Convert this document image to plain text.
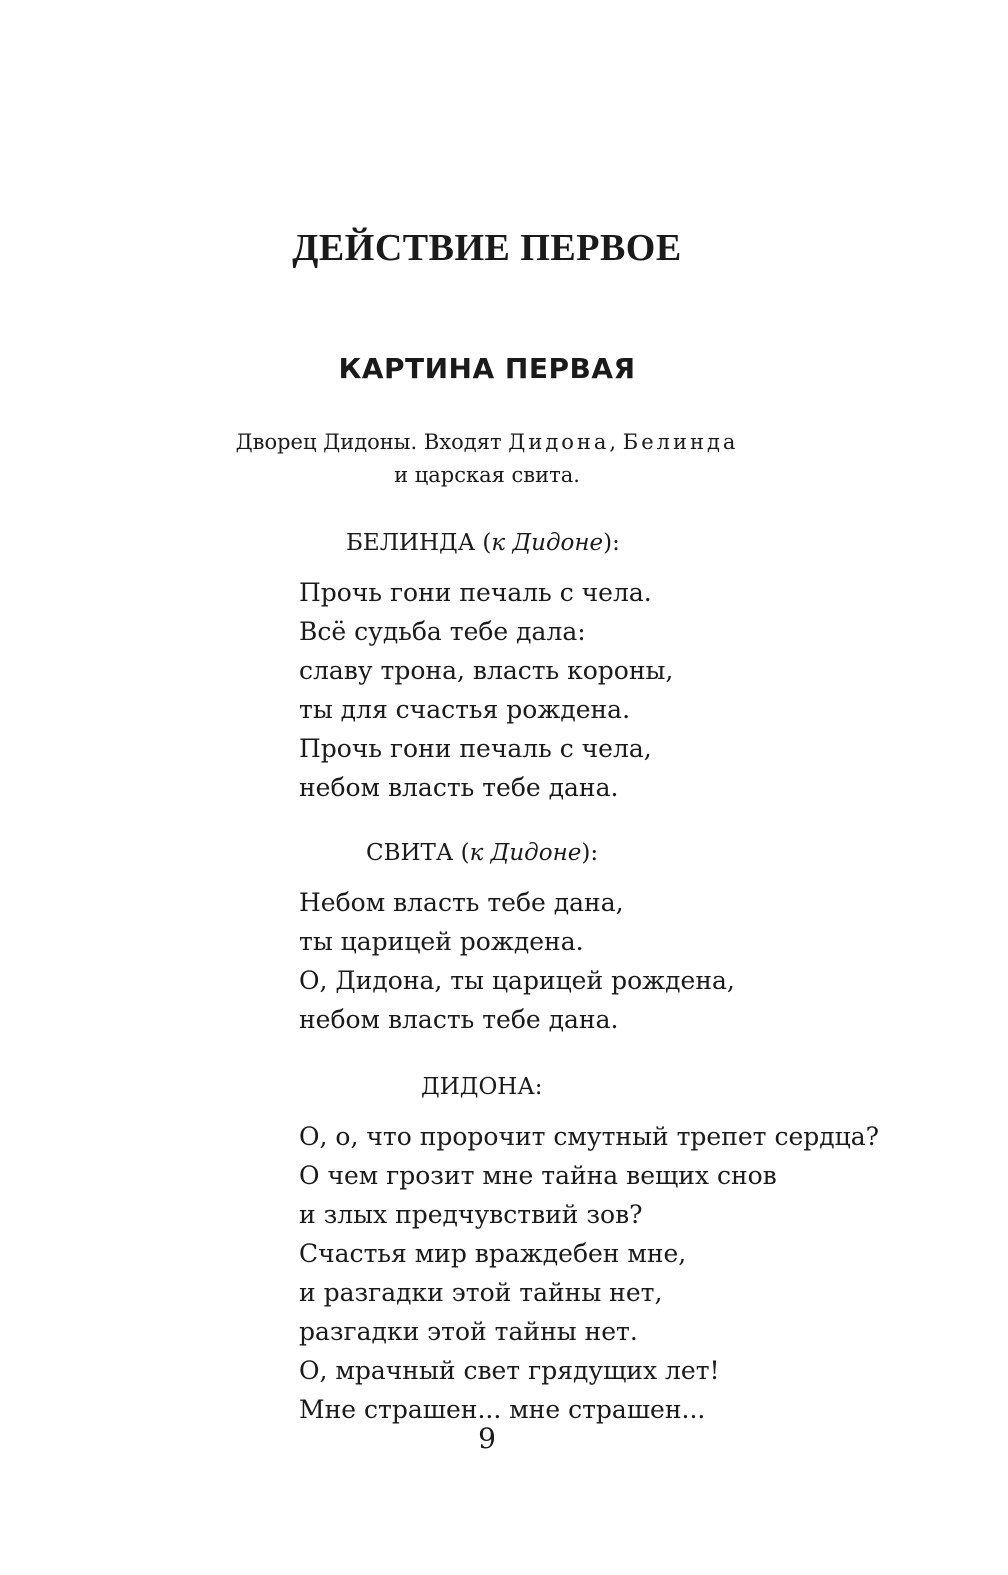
ДЕЙСТВИЕ ПЕРВОЕ
КАРТИНА ПЕРВАЯ

Дворец Дидоны. Входят Дидона, Белинда
и царская свита.

БЕЛИНДА (к Дидоне):

Прочь гони печаль с чела.
Всё судьба тебе дала:
славу трона, власть короны,
ты для счастья рождена.
Прочь гони печаль с чела,
небом власть тебе дана.

СВИТА (к Дидоне):

Небом власть тебе дана,
ты царицей рождена.
О, Дидона, ты царицей рождена,
небом власть тебе дана.

ДИДОНА:

О, о, что пророчит смутный трепет сердца?
О чем грозит мне тайна вещих снов
и злых предчувствий зов?
Счастья мир враждебен мне,
и разгадки этой тайны нет,
разгадки этой тайны нет.
О, мрачный свет грядущих лет!
Мне страшен... мне страшен...

9
